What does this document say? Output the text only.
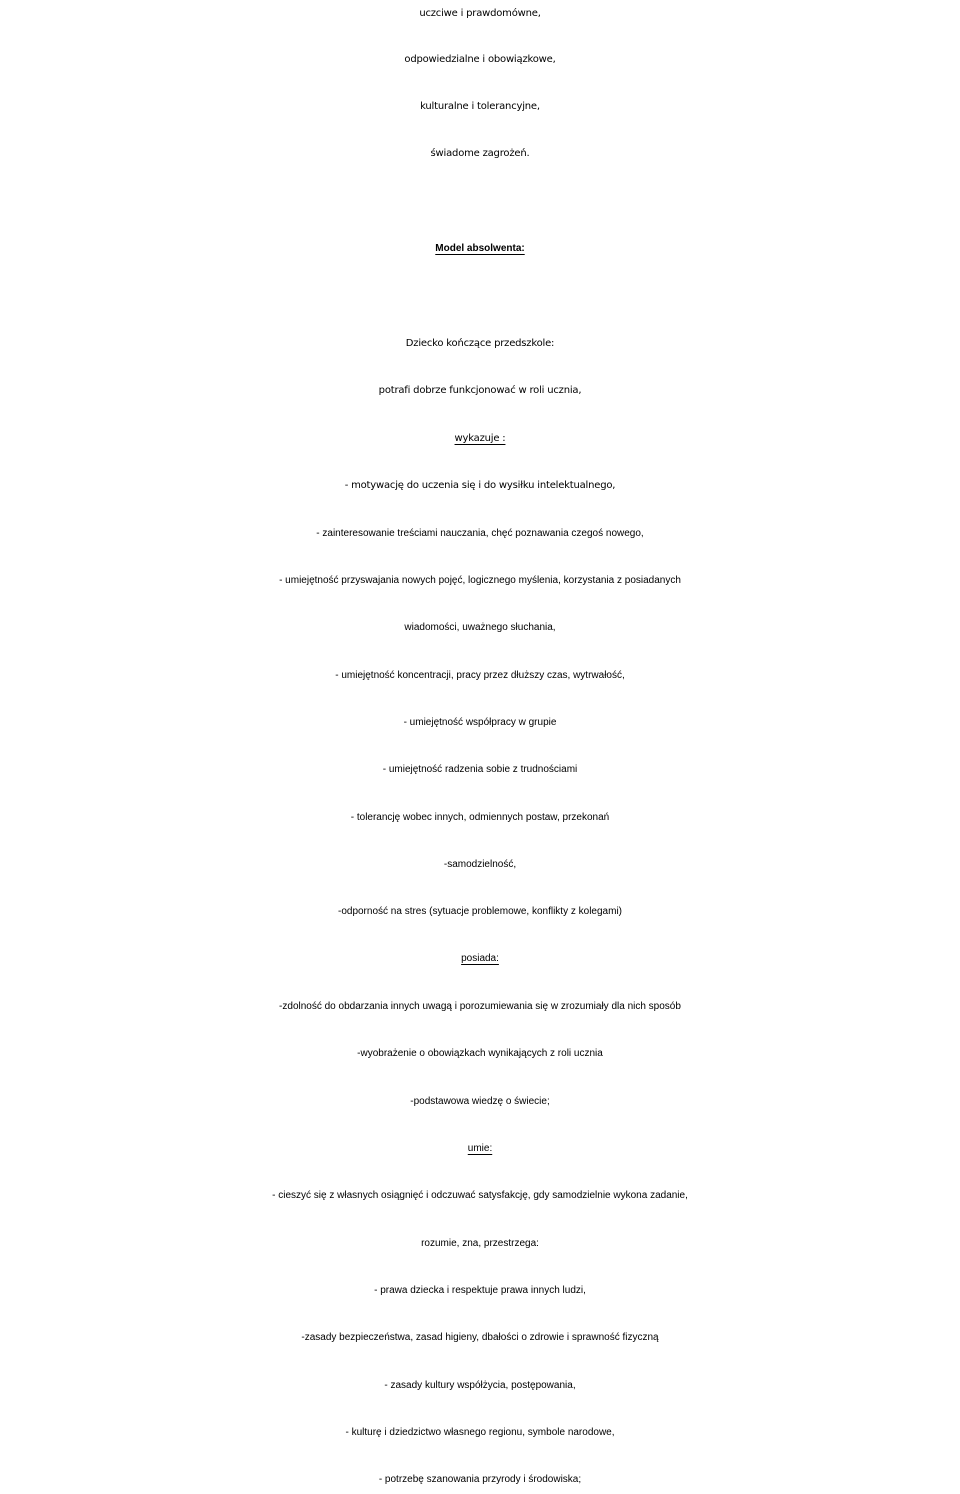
uczciwe i prawdomówne,
odpowiedzialne i obowiązkowe,
kulturalne i tolerancyjne,
świadome zagrożeń.
Model absolwenta:
Dziecko kończące przedszkole:
potrafi dobrze funkcjonować w roli ucznia,
wykazuje :
- motywację do uczenia się i do wysiłku intelektualnego,
- zainteresowanie treściami nauczania, chęć poznawania czegoś nowego,
- umiejętność przyswajania nowych pojęć, logicznego myślenia, korzystania z posiadanych
wiadomości, uważnego słuchania,
- umiejętność koncentracji, pracy przez dłuższy czas, wytrwałość,
- umiejętność współpracy w grupie
- umiejętność radzenia sobie z trudnościami
- tolerancję wobec innych, odmiennych postaw, przekonań
-samodzielność,
-odporność na stres (sytuacje problemowe, konflikty z kolegami)
posiada:
-zdolność do obdarzania innych uwagą i porozumiewania się w zrozumiały dla nich sposób
-wyobrażenie o obowiązkach wynikających z roli ucznia
-podstawowa wiedzę o świecie;
umie:
- cieszyć się z własnych osiągnięć i odczuwać satysfakcję, gdy samodzielnie wykona zadanie,
rozumie, zna, przestrzega:
- prawa dziecka i respektuje prawa innych ludzi,
-zasady bezpieczeństwa, zasad higieny, dbałości o zdrowie i sprawność fizyczną
- zasady kultury współżycia, postępowania,
- kulturę i dziedzictwo własnego regionu, symbole narodowe,
- potrzebę szanowania przyrody i środowiska;
